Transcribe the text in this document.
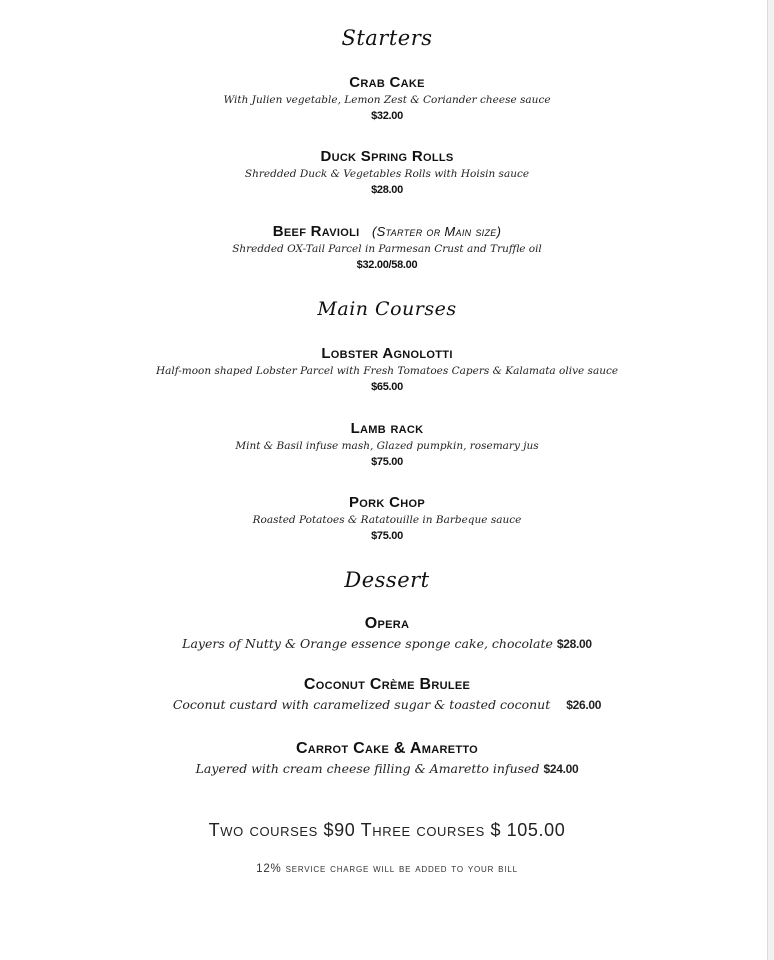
Starters
Crab Cake
With Julien vegetable, Lemon Zest & Coriander cheese sauce
$32.00
Duck Spring Rolls
Shredded Duck & Vegetables Rolls with Hoisin sauce
$28.00
Beef Ravioli (Starter or Main size)
Shredded OX-Tail Parcel in Parmesan Crust and Truffle oil
$32.00/58.00
Main Courses
Lobster Agnolotti
Half-moon shaped Lobster Parcel with Fresh Tomatoes Capers & Kalamata olive sauce
$65.00
Lamb rack
Mint & Basil infuse mash, Glazed pumpkin, rosemary jus
$75.00
Pork Chop
Roasted Potatoes & Ratatouille in Barbeque sauce
$75.00
Dessert
Opera
Layers of Nutty & Orange essence sponge cake, chocolate $28.00
Coconut Crème Brulee
Coconut custard with caramelized sugar & toasted coconut $26.00
Carrot Cake & Amaretto
Layered with cream cheese filling & Amaretto infused $24.00
Two courses $90 Three courses $ 105.00
12% service charge will be added to your bill
